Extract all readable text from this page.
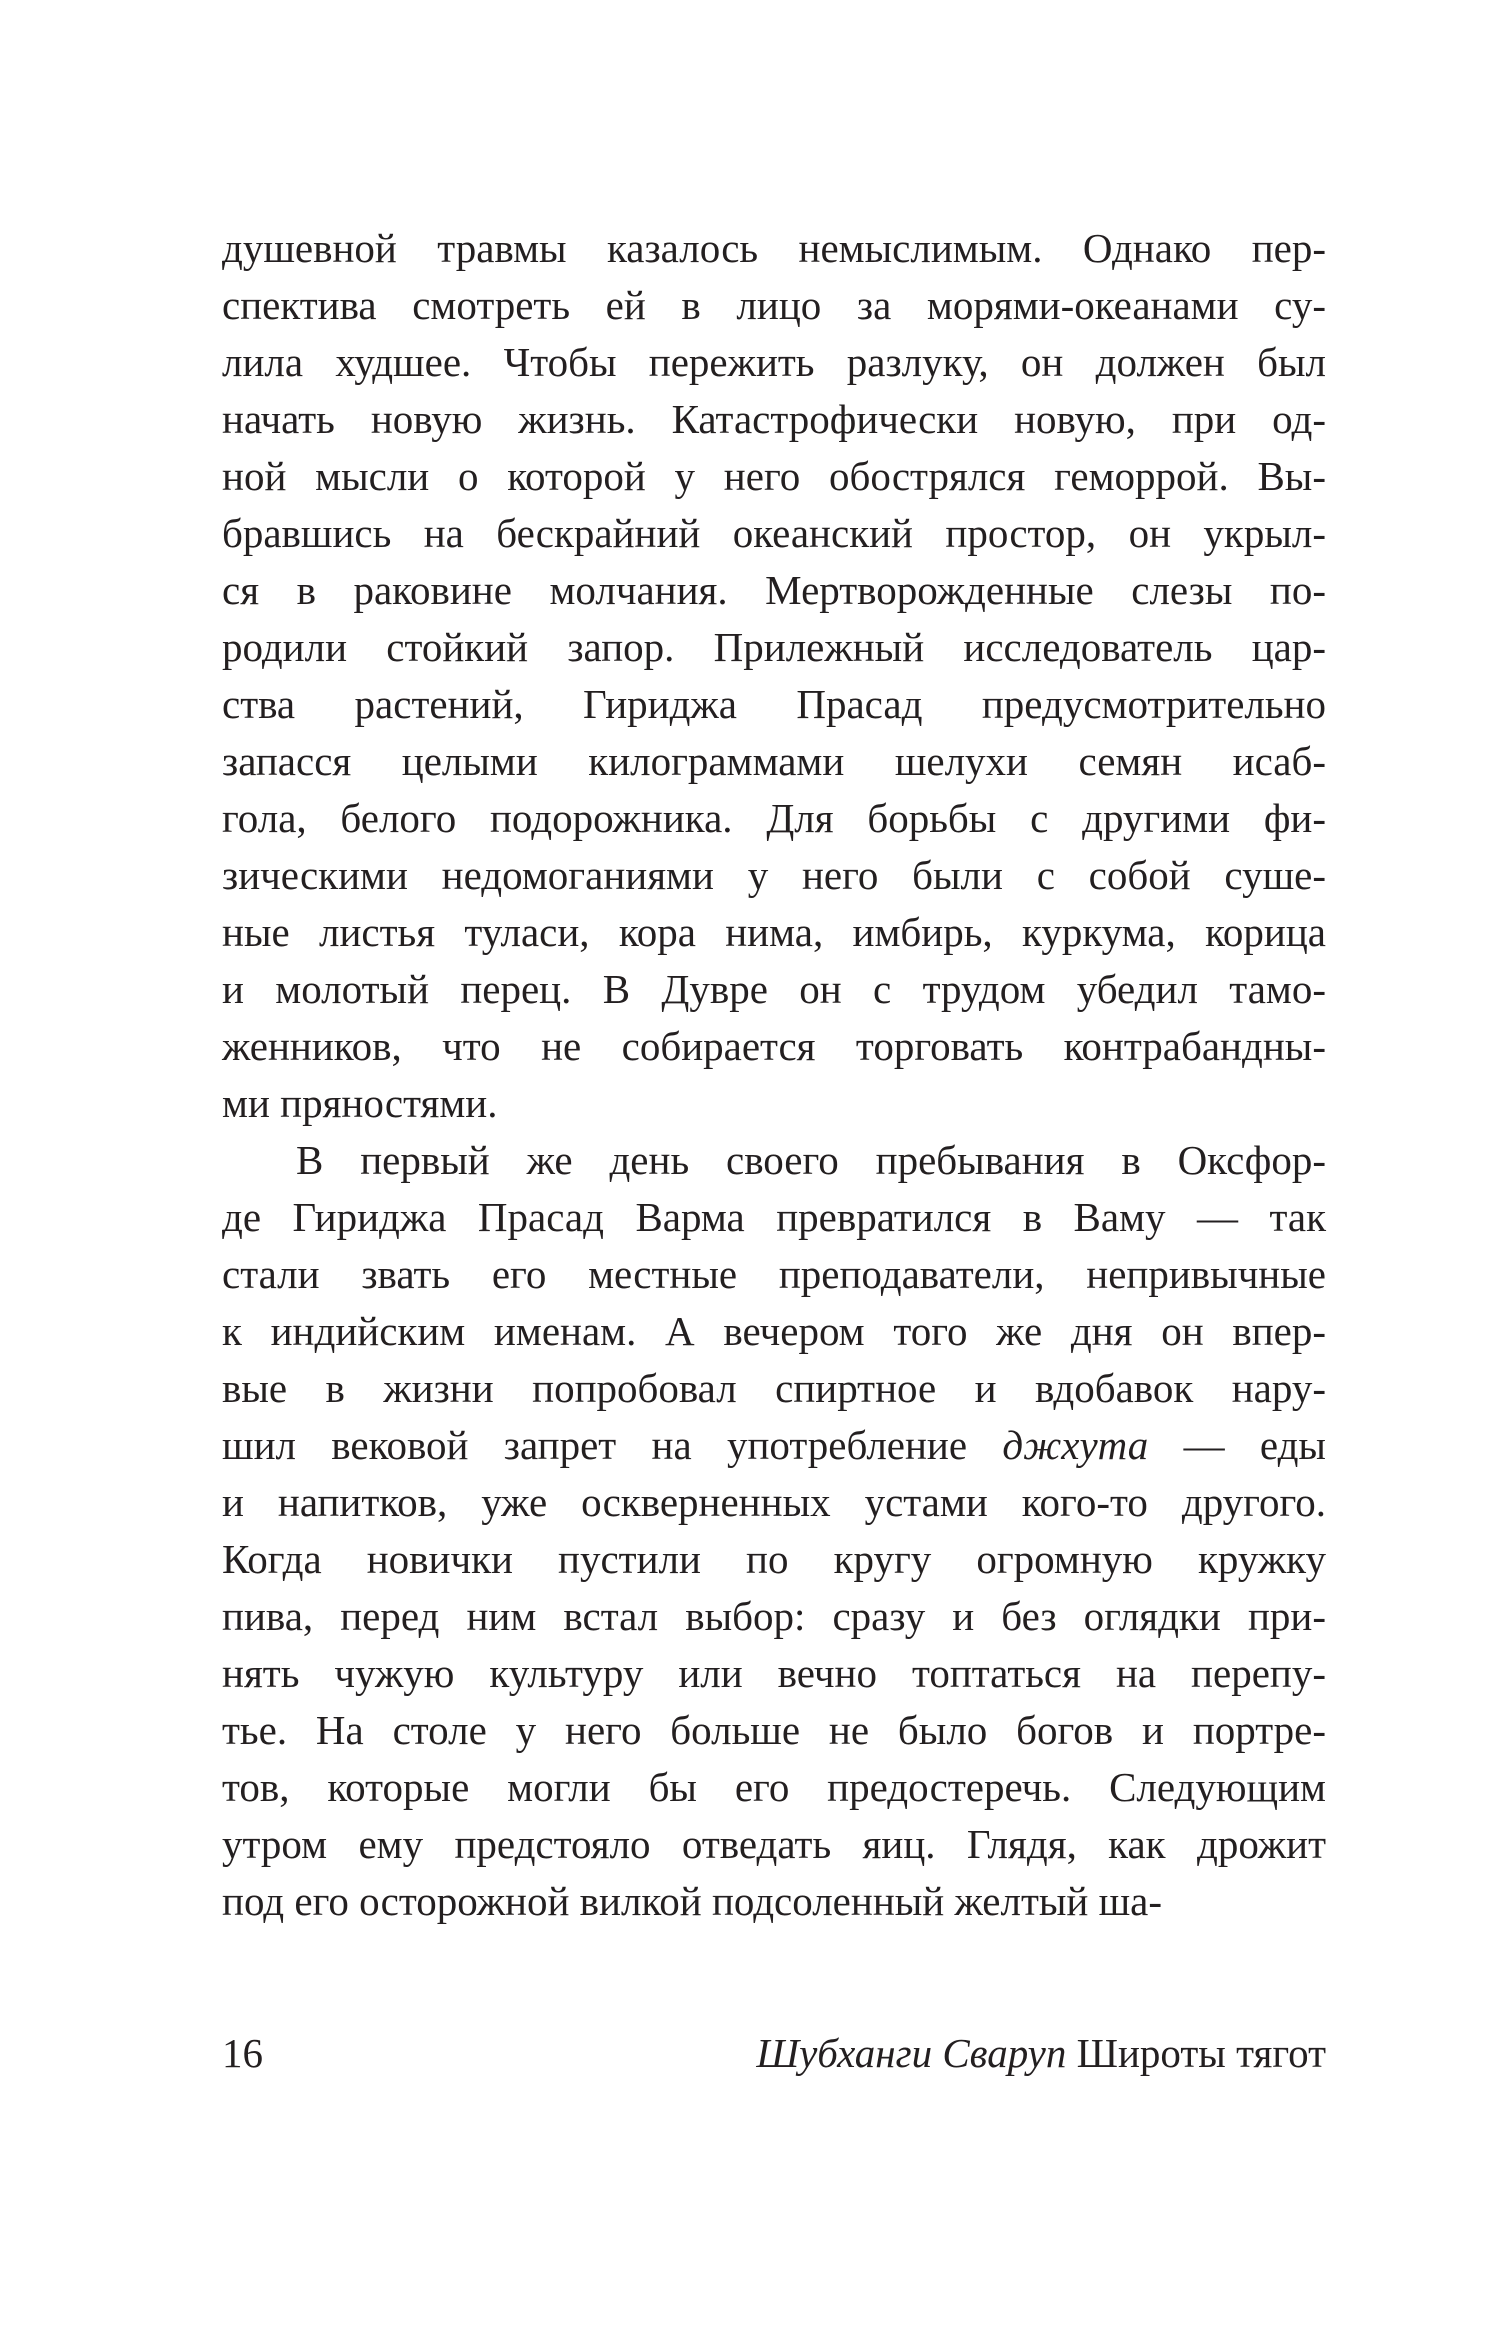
душевной травмы казалось немыслимым. Однако пер-
спектива смотреть ей в лицо за морями-океанами су-
лила худшее. Чтобы пережить разлуку, он должен был
начать новую жизнь. Катастрофически новую, при од-
ной мысли о которой у него обострялся геморрой. Вы-
бравшись на бескрайний океанский простор, он укрыл-
ся в раковине молчания. Мертворожденные слезы по-
родили стойкий запор. Прилежный исследователь цар-
ства растений, Гириджа Прасад предусмотрительно
запасся целыми килограммами шелухи семян исаб-
гола, белого подорожника. Для борьбы с другими фи-
зическими недомоганиями у него были с собой суше-
ные листья туласи, кора нима, имбирь, куркума, корица
и молотый перец. В Дувре он с трудом убедил тамо-
женников, что не собирается торговать контрабандны-
ми пряностями.
В первый же день своего пребывания в Оксфор-
де Гириджа Прасад Варма превратился в Ваму — так
стали звать его местные преподаватели, непривычные
к индийским именам. А вечером того же дня он впер-
вые в жизни попробовал спиртное и вдобавок нару-
шил вековой запрет на употребление джхута — еды
и напитков, уже оскверненных устами кого-то другого.
Когда новички пустили по кругу огромную кружку
пива, перед ним встал выбор: сразу и без оглядки при-
нять чужую культуру или вечно топтаться на перепу-
тье. На столе у него больше не было богов и портре-
тов, которые могли бы его предостеречь. Следующим
утром ему предстояло отведать яиц. Глядя, как дрожит
под его осторожной вилкой подсоленный желтый ша-
16	Шубханги Сваруп Широты тягот
